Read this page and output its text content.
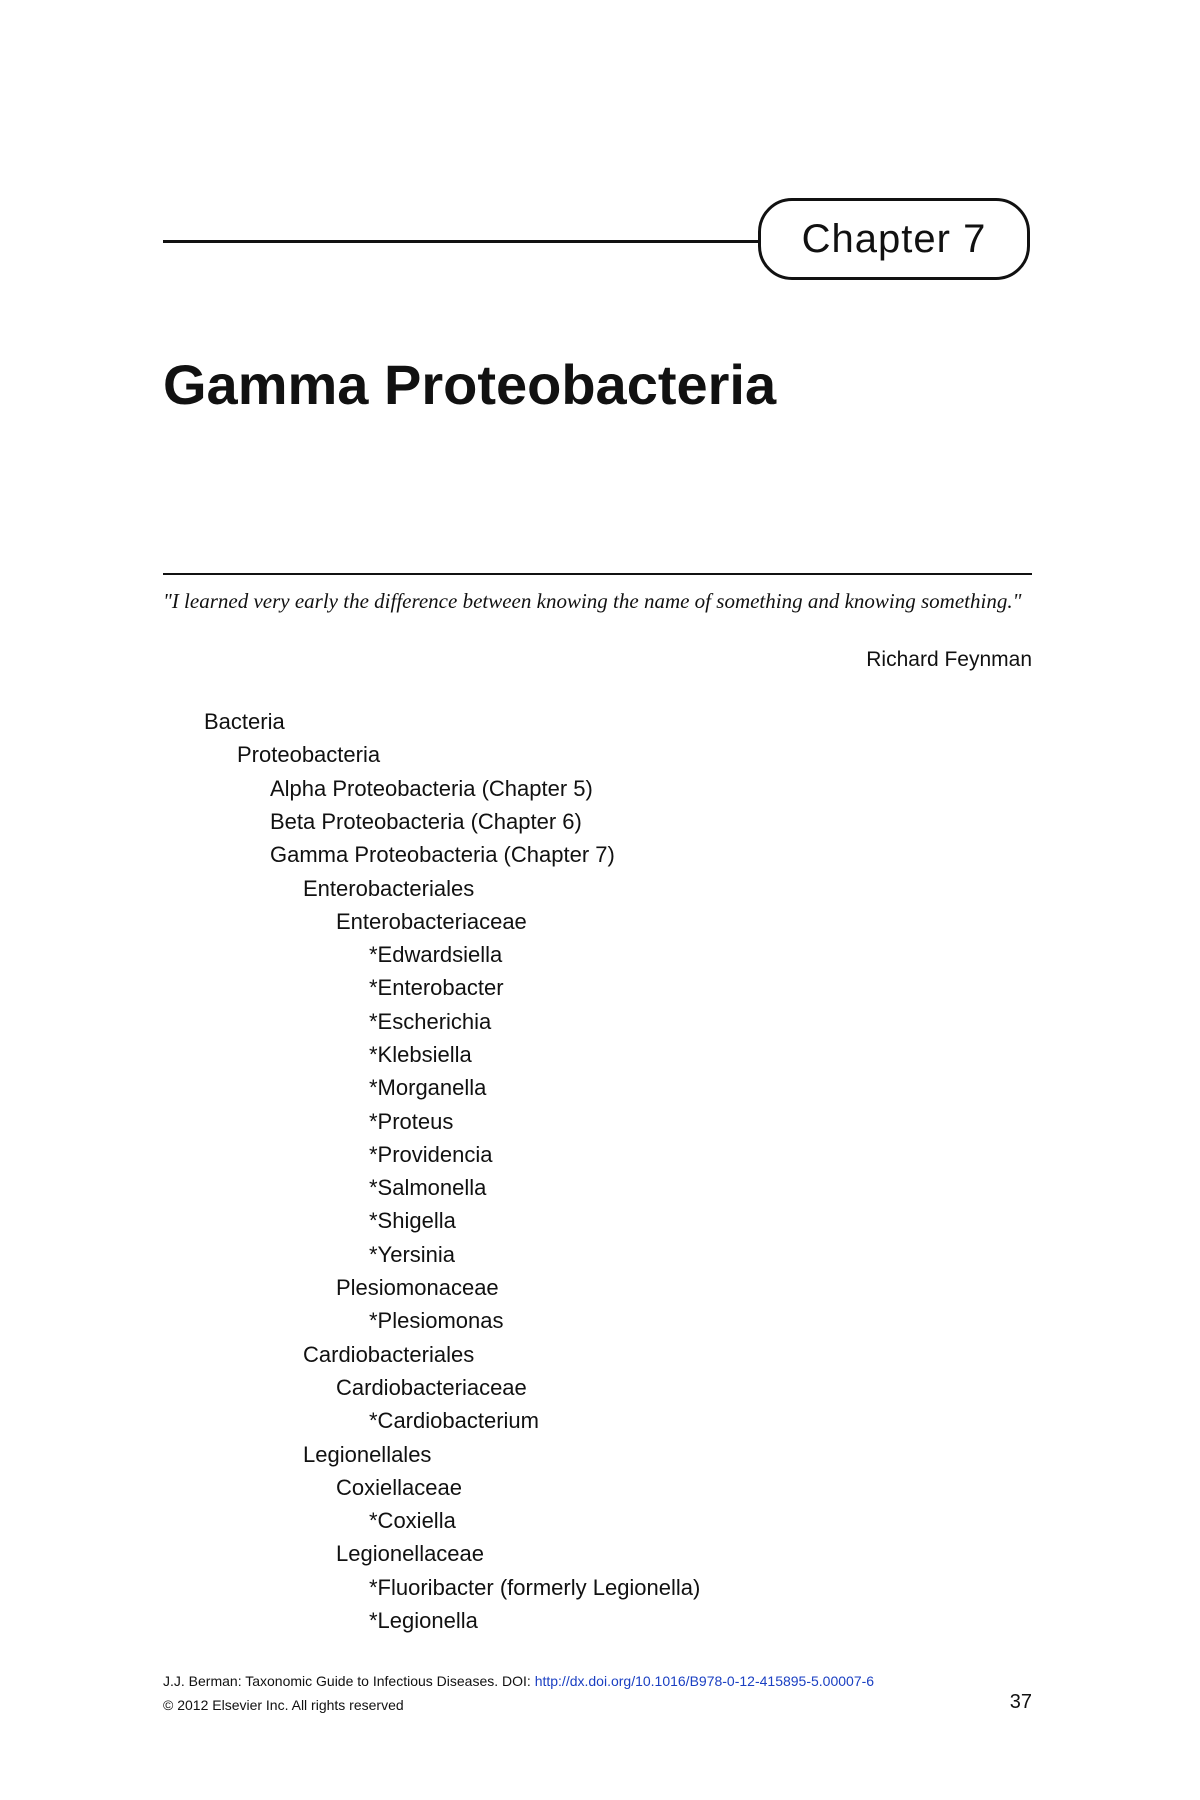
Chapter 7
Gamma Proteobacteria

"I learned very early the difference between knowing the name of something and knowing something."

Richard Feynman
Bacteria
Proteobacteria
Alpha Proteobacteria (Chapter 5)
Beta Proteobacteria (Chapter 6)
Gamma Proteobacteria (Chapter 7)
Enterobacteriales
Enterobacteriaceae
*Edwardsiella
*Enterobacter
*Escherichia
*Klebsiella
*Morganella
*Proteus
*Providencia
*Salmonella
*Shigella
*Yersinia
Plesiomonaceae
*Plesiomonas
Cardiobacteriales
Cardiobacteriaceae
*Cardiobacterium
Legionellales
Coxiellaceae
*Coxiella
Legionellaceae
*Fluoribacter (formerly Legionella)
*Legionella
J.J. Berman: Taxonomic Guide to Infectious Diseases. DOI: http://dx.doi.org/10.1016/B978-0-12-415895-5.00007-6
© 2012 Elsevier Inc. All rights reserved	37
